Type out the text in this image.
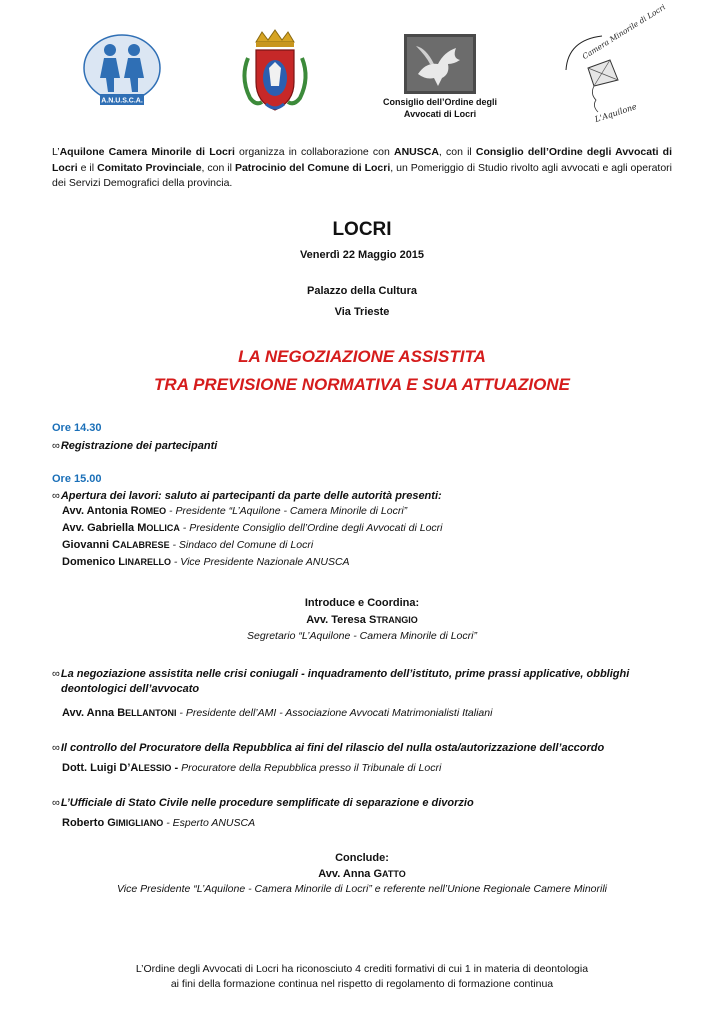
A.N.U.S.C.A.	Consiglio dell’Ordine degli
Avvocati di Locri
Camera Minorile di Locri
L'Aquilone
L’Aquilone Camera Minorile di Locri organizza in collaborazione con ANUSCA, con il Consiglio dell’Ordine degli Avvocati di Locri e il Comitato Provinciale, con il Patrocinio del Comune di Locri, un Pomeriggio di Studio rivolto agli avvocati e agli operatori dei Servizi Demografici della provincia.
LOCRI
Venerdì 22 Maggio 2015
Palazzo della Cultura
Via Trieste
LA NEGOZIAZIONE ASSISTITA
TRA PREVISIONE NORMATIVA E SUA ATTUAZIONE
Ore 14.30
∞Registrazione dei partecipanti
Ore 15.00
∞Apertura dei lavori: saluto ai partecipanti da parte delle autorità presenti:
Avv. Antonia ROMEO - Presidente “L’Aquilone - Camera Minorile di Locri”
Avv. Gabriella MOLLICA - Presidente Consiglio dell’Ordine degli Avvocati di Locri
Giovanni CALABRESE - Sindaco del Comune di Locri
Domenico LINARELLO - Vice Presidente Nazionale ANUSCA
Introduce e Coordina:
Avv. Teresa STRANGIO
Segretario “L’Aquilone - Camera Minorile di Locri”
∞La negoziazione assistita nelle crisi coniugali - inquadramento dell’istituto, prime prassi applicative, obblighi
deontologici dell’avvocato
Avv. Anna BELLANTONI - Presidente dell’AMI - Associazione Avvocati Matrimonialisti Italiani
∞Il controllo del Procuratore della Repubblica ai fini del rilascio del nulla osta/autorizzazione dell’accordo
Dott. Luigi D’ALESSIO - Procuratore della Repubblica presso il Tribunale di Locri
∞L’Ufficiale di Stato Civile nelle procedure semplificate di separazione e divorzio
Roberto GIMIGLIANO - Esperto ANUSCA
Conclude:
Avv. Anna GATTO
Vice Presidente “L’Aquilone - Camera Minorile di Locri” e referente nell’Unione Regionale Camere Minorili
L’Ordine degli Avvocati di Locri ha riconosciuto 4 crediti formativi di cui 1 in materia di deontologia
ai fini della formazione continua nel rispetto di regolamento di formazione continua
